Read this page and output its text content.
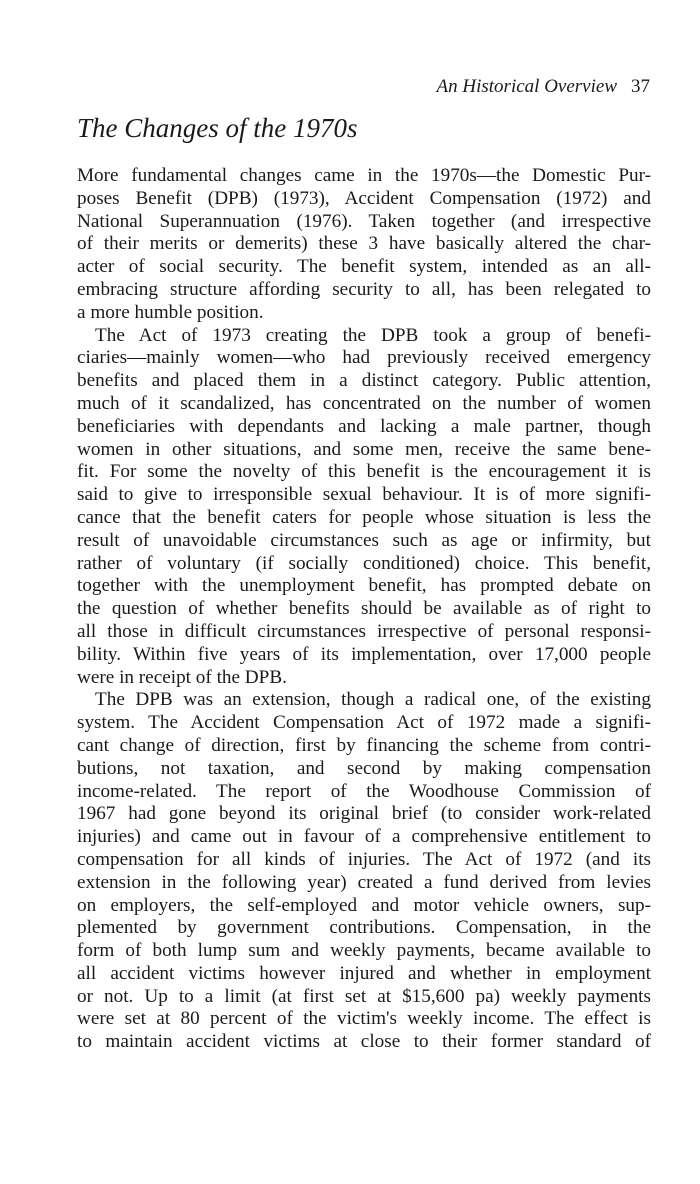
An Historical Overview 37
The Changes of the 1970s
More fundamental changes came in the 1970s—the Domestic Pur-
poses Benefit (DPB) (1973), Accident Compensation (1972) and
National Superannuation (1976). Taken together (and irrespective
of their merits or demerits) these 3 have basically altered the char-
acter of social security. The benefit system, intended as an all-
embracing structure affording security to all, has been relegated to
a more humble position.
The Act of 1973 creating the DPB took a group of benefi-
ciaries—mainly women—who had previously received emergency
benefits and placed them in a distinct category. Public attention,
much of it scandalized, has concentrated on the number of women
beneficiaries with dependants and lacking a male partner, though
women in other situations, and some men, receive the same bene-
fit. For some the novelty of this benefit is the encouragement it is
said to give to irresponsible sexual behaviour. It is of more signifi-
cance that the benefit caters for people whose situation is less the
result of unavoidable circumstances such as age or infirmity, but
rather of voluntary (if socially conditioned) choice. This benefit,
together with the unemployment benefit, has prompted debate on
the question of whether benefits should be available as of right to
all those in difficult circumstances irrespective of personal responsi-
bility. Within five years of its implementation, over 17,000 people
were in receipt of the DPB.
The DPB was an extension, though a radical one, of the existing
system. The Accident Compensation Act of 1972 made a signifi-
cant change of direction, first by financing the scheme from contri-
butions, not taxation, and second by making compensation
income-related. The report of the Woodhouse Commission of
1967 had gone beyond its original brief (to consider work-related
injuries) and came out in favour of a comprehensive entitlement to
compensation for all kinds of injuries. The Act of 1972 (and its
extension in the following year) created a fund derived from levies
on employers, the self-employed and motor vehicle owners, sup-
plemented by government contributions. Compensation, in the
form of both lump sum and weekly payments, became available to
all accident victims however injured and whether in employment
or not. Up to a limit (at first set at $15,600 pa) weekly payments
were set at 80 percent of the victim's weekly income. The effect is
to maintain accident victims at close to their former standard of
